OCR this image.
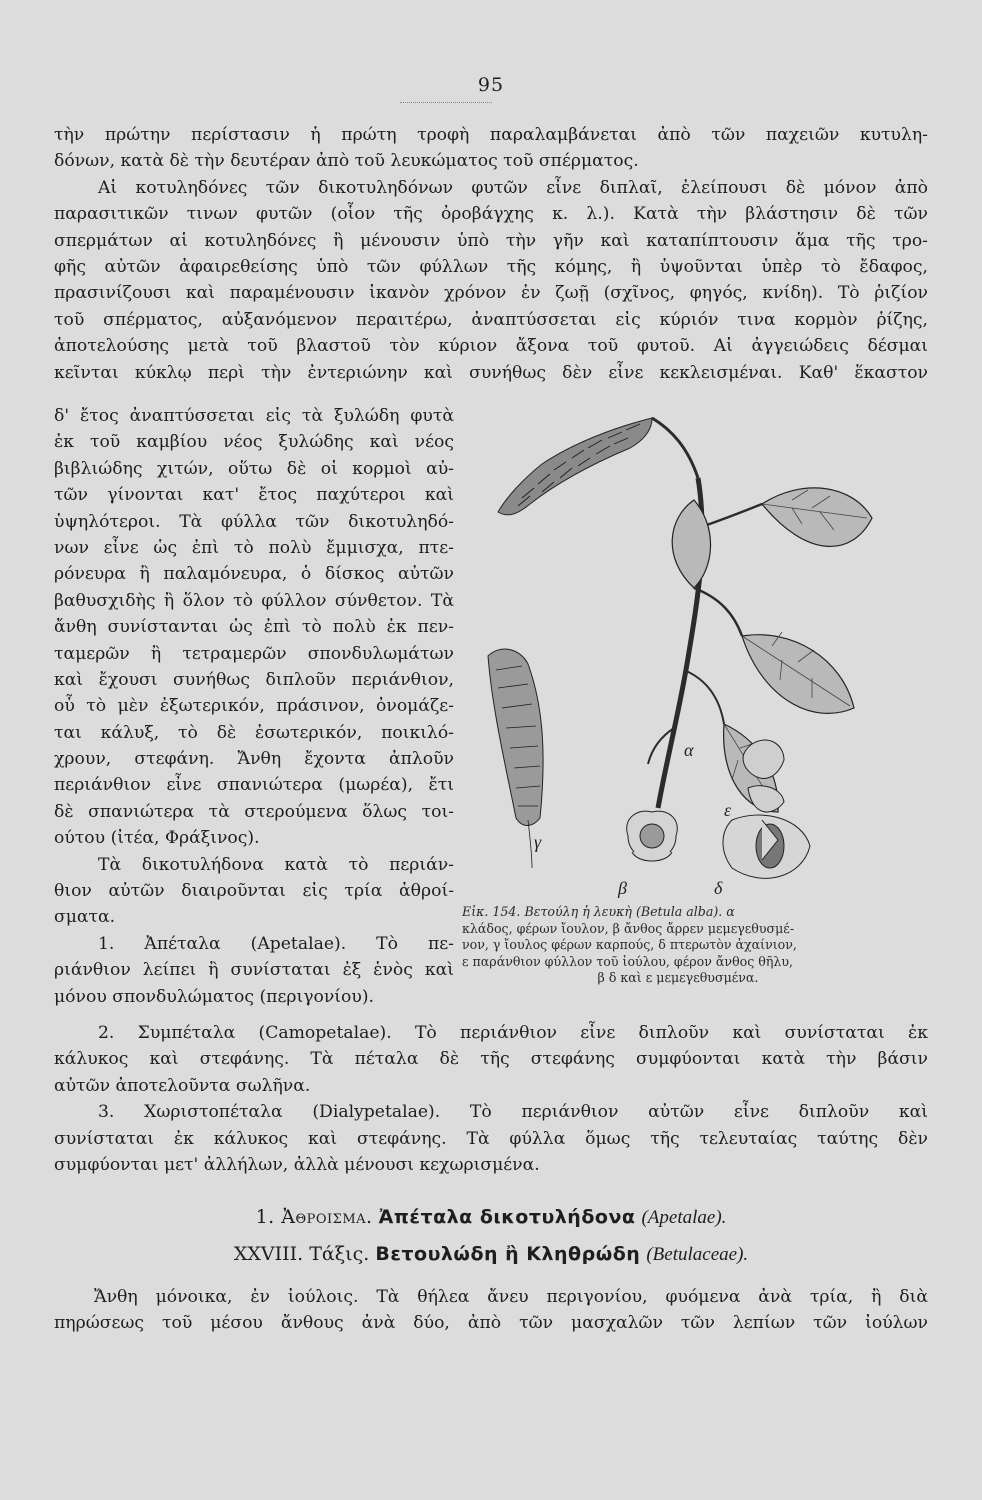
95
τὴν πρώτην περίστασιν ἡ πρώτη τροφὴ παραλαμβάνεται ἀπὸ τῶν παχειῶν κυτυλη-
δόνων, κατὰ δὲ τὴν δευτέραν ἀπὸ τοῦ λευκώματος τοῦ σπέρματος.
Αἱ κοτυληδόνες τῶν δικοτυληδόνων φυτῶν εἶνε διπλαῖ, ἐλείπουσι δὲ μόνον ἀπὸ
παρασιτικῶν τινων φυτῶν (οἷον τῆς ὀροβάγχης κ. λ.). Κατὰ τὴν βλάστησιν δὲ τῶν
σπερμάτων αἱ κοτυληδόνες ἢ μένουσιν ὑπὸ τὴν γῆν καὶ καταπίπτουσιν ἅμα τῆς τρο-
φῆς αὐτῶν ἀφαιρεθείσης ὑπὸ τῶν φύλλων τῆς κόμης, ἢ ὑψοῦνται ὑπὲρ τὸ ἔδαφος,
πρασινίζουσι καὶ παραμένουσιν ἱκανὸν χρόνον ἐν ζωῇ (σχῖνος, φηγός, κνίδη). Τὸ ῥιζίον
τοῦ σπέρματος, αὐξανόμενον περαιτέρω, ἀναπτύσσεται εἰς κύριόν τινα κορμὸν ῥίζης,
ἀποτελούσης μετὰ τοῦ βλαστοῦ τὸν κύριον ἄξονα τοῦ φυτοῦ. Αἱ ἀγγειώδεις δέσμαι
κεῖνται κύκλῳ περὶ τὴν ἐντεριώνην καὶ συνήθως δὲν εἶνε κεκλεισμέναι. Καθ' ἕκαστον
δ' ἔτος ἀναπτύσσεται εἰς τὰ ξυλώδη φυτὰ
ἐκ τοῦ καμβίου νέος ξυλώδης καὶ νέος
βιβλιώδης χιτών, οὕτω δὲ οἱ κορμοὶ αὐ-
τῶν γίνονται κατ' ἔτος παχύτεροι καὶ
ὑψηλότεροι. Τὰ φύλλα τῶν δικοτυληδό-
νων εἶνε ὡς ἐπὶ τὸ πολὺ ἔμμισχα, πτε-
ρόνευρα ἢ παλαμόνευρα, ὁ δίσκος αὐτῶν
βαθυσχιδὴς ἢ ὅλον τὸ φύλλον σύνθετον. Τὰ
ἄνθη συνίστανται ὡς ἐπὶ τὸ πολὺ ἐκ πεν-
ταμερῶν ἢ τετραμερῶν σπονδυλωμάτων
καὶ ἔχουσι συνήθως διπλοῦν περιάνθιον,
οὗ τὸ μὲν ἐξωτερικόν, πράσινον, ὀνομάζε-
ται κάλυξ, τὸ δὲ ἐσωτερικόν, ποικιλό-
χρουν, στεφάνη. Ἄνθη ἔχοντα ἁπλοῦν
περιάνθιον εἶνε σπανιώτερα (μωρέα), ἔτι
δὲ σπανιώτερα τὰ στερούμενα ὅλως τοι-
ούτου (ἰτέα, Φράξινος).
Τὰ δικοτυλήδονα κατὰ τὸ περιάν-
θιον αὐτῶν διαιροῦνται εἰς τρία ἀθροί-
σματα.
1. Ἀπέταλα (Apetalae). Τὸ πε-
ριάνθιον λείπει ἢ συνίσταται ἐξ ἑνὸς καὶ
μόνου σπονδυλώματος (περιγονίου).
α
γ
ε
β	δ
Εἰκ. 154. Βετούλη ἡ λευκὴ (Betula alba). α
κλάδος, φέρων ἴουλον, β ἄνθος ἄρρεν μεμεγεθυσμέ-
νον, γ ἴουλος φέρων καρπούς, δ πτερωτὸν ἀχαίνιον,
ε παράνθιον φύλλον τοῦ ἰούλου, φέρον ἄνθος θῆλυ,
β δ καὶ ε μεμεγεθυσμένα.
2. Συμπέταλα (Camopetalae). Τὸ περιάνθιον εἶνε διπλοῦν καὶ συνίσταται ἐκ
κάλυκος καὶ στεφάνης. Τὰ πέταλα δὲ τῆς στεφάνης συμφύονται κατὰ τὴν βάσιν
αὐτῶν ἀποτελοῦντα σωλῆνα.
3. Χωριστοπέταλα (Dialypetalae). Τὸ περιάνθιον αὐτῶν εἶνε διπλοῦν καὶ
συνίσταται ἐκ κάλυκος καὶ στεφάνης. Τὰ φύλλα ὅμως τῆς τελευταίας ταύτης δὲν
συμφύονται μετ' ἀλλήλων, ἀλλὰ μένουσι κεχωρισμένα.
1. Ἀθροισμα. Ἀπέταλα δικοτυλήδονα (Apetalae).
XXVIII. Τάξις. Βετουλώδη ἢ Κληθρώδη (Betulaceae).
Ἄνθη μόνοικα, ἐν ἰούλοις. Τὰ θήλεα ἄνευ περιγονίου, φυόμενα ἀνὰ τρία, ἢ διὰ
πηρώσεως τοῦ μέσου ἄνθους ἀνὰ δύο, ἀπὸ τῶν μασχαλῶν τῶν λεπίων τῶν ἰούλων
